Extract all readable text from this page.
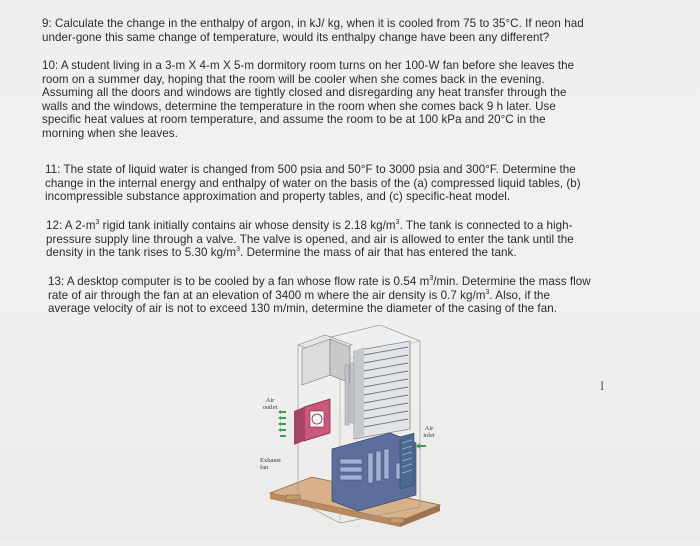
9: Calculate the change in the enthalpy of argon, in kJ/ kg, when it is cooled from 75 to 35°C. If neon had
under-gone this same change of temperature, would its enthalpy change have been any different?
10: A student living in a 3-m X 4-m X 5-m dormitory room turns on her 100-W fan before she leaves the
room on a summer day, hoping that the room will be cooler when she comes back in the evening.
Assuming all the doors and windows are tightly closed and disregarding any heat transfer through the
walls and the windows, determine the temperature in the room when she comes back 9 h later. Use
specific heat values at room temperature, and assume the room to be at 100 kPa and 20°C in the
morning when she leaves.
11: The state of liquid water is changed from 500 psia and 50°F to 3000 psia and 300°F. Determine the
change in the internal energy and enthalpy of water on the basis of the (a) compressed liquid tables, (b)
incompressible substance approximation and property tables, and (c) specific-heat model.
12: A $2-m^3$ rigid tank initially contains air whose density is 2.18 $kg/m^3$. The tank is connected to a high-
pressure supply line through a valve. The valve is opened, and air is allowed to enter the tank until the
density in the tank rises to 5.30 $kg/m^3$. Determine the mass of air that has entered the tank.
13: A desktop computer is to be cooled by a fan whose flow rate is 0.54 $m^3/\min$. Determine the mass flow
rate of air through the fan at an elevation of 3400 m where the air density is 0.7 $kg/m^3$. Also, if the
average velocity of air is not to exceed 130 m/min, determine the diameter of the casing of the fan.
I
Air outlet
Air inlet
Exhaust fan
